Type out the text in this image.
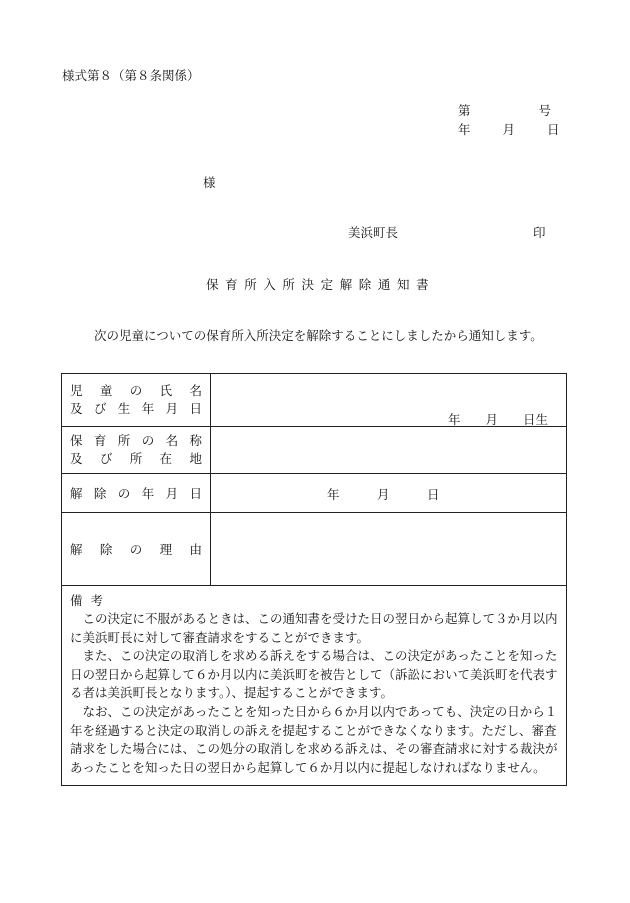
様式第８（第８条関係）
第	号
年	月	日
様
美浜町長	印
保育所入所決定解除通知書
次の児童についての保育所入所決定を解除することにしましたから通知します。
児童の氏名
及び生年月日	年　　月　　日生

保育所の名称
及び所在地	

解除の年月日	年　　　月　　　日

解除の理由	

備考

この決定に不服があるときは、この通知書を受けた日の翌日から起算して３か月以内に美浜町長に対して審査請求をすることができます。

また、この決定の取消しを求める訴えをする場合は、この決定があったことを知った日の翌日から起算して６か月以内に美浜町を被告として（訴訟において美浜町を代表する者は美浜町長となります。）、提起することができます。

なお、この決定があったことを知った日から６か月以内であっても、決定の日から１年を経過すると決定の取消しの訴えを提起することができなくなります。ただし、審査請求をした場合には、この処分の取消しを求める訴えは、その審査請求に対する裁決があったことを知った日の翌日から起算して６か月以内に提起しなければなりません。
